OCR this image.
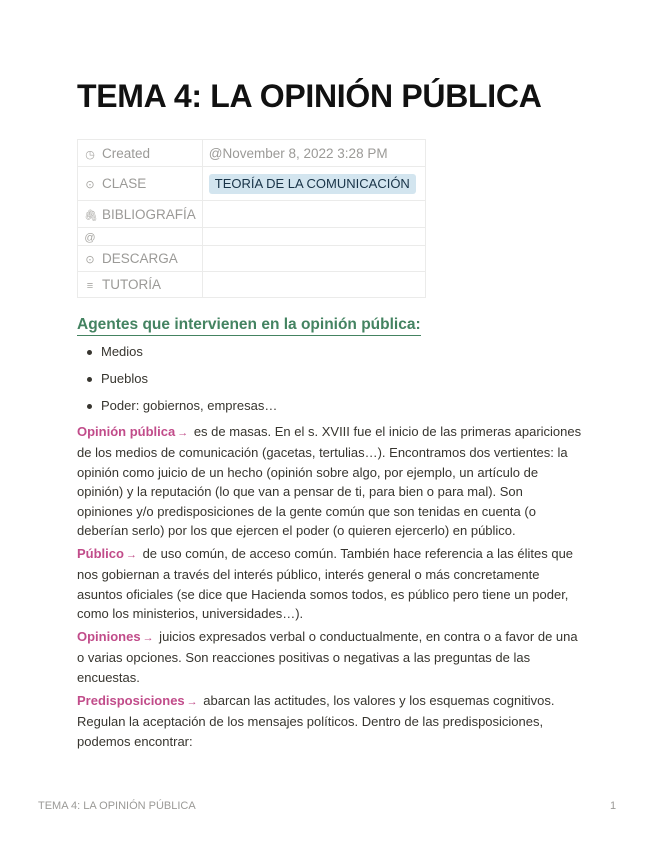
TEMA 4: LA OPINIÓN PÚBLICA
◷ Created	@November 8, 2022 3:28 PM
⊙ CLASE	TEORÍA DE LA COMUNICACIÓN
🖇 BIBLIOGRAFÍA	
@	
⊙ DESCARGA	
≡ TUTORÍA	
Agentes que intervienen en la opinión pública:
Medios
Pueblos
Poder: gobiernos, empresas…

Opinión pública → es de masas. En el s. XVIII fue el inicio de las primeras apariciones de los medios de comunicación (gacetas, tertulias…). Encontramos dos vertientes: la opinión como juicio de un hecho (opinión sobre algo, por ejemplo, un artículo de opinión) y la reputación (lo que van a pensar de ti, para bien o para mal). Son opiniones y/o predisposiciones de la gente común que son tenidas en cuenta (o deberían serlo) por los que ejercen el poder (o quieren ejercerlo) en público.

Público → de uso común, de acceso común. También hace referencia a las élites que nos gobiernan a través del interés público, interés general o más concretamente asuntos oficiales (se dice que Hacienda somos todos, es público pero tiene un poder, como los ministerios, universidades…).

Opiniones → juicios expresados verbal o conductualmente, en contra o a favor de una o varias opciones. Son reacciones positivas o negativas a las preguntas de las encuestas.

Predisposiciones → abarcan las actitudes, los valores y los esquemas cognitivos. Regulan la aceptación de los mensajes políticos. Dentro de las predisposiciones, podemos encontrar:

TEMA 4: LA OPINIÓN PÚBLICA	1
